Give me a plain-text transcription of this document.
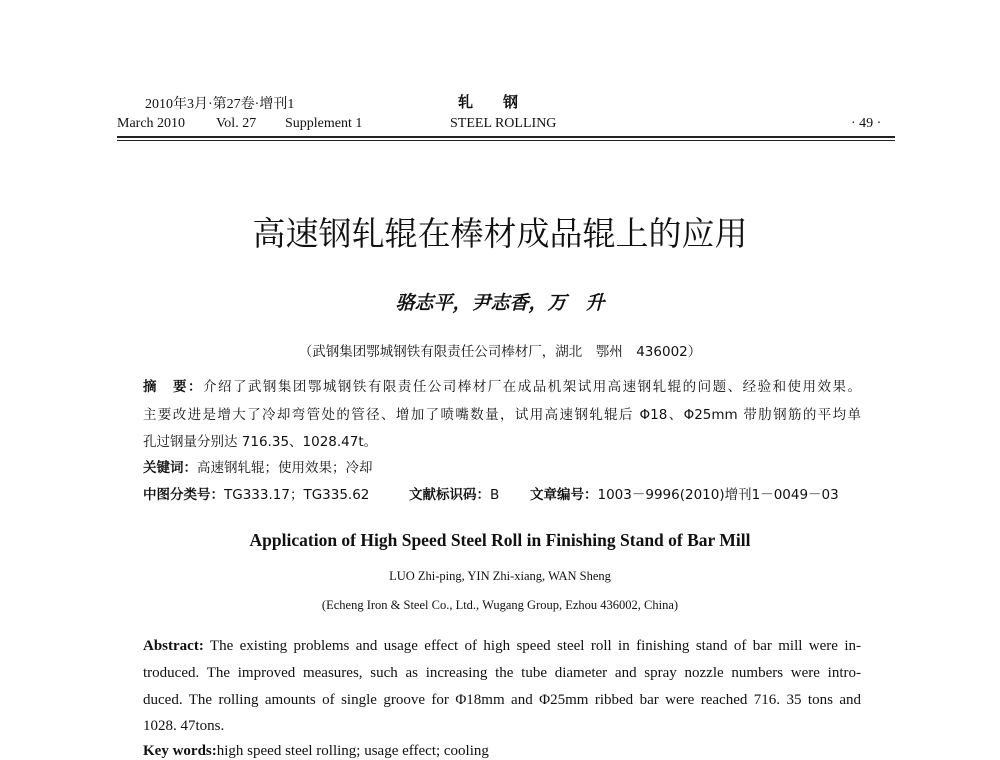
2010年3月·第27卷·增刊1	轧　　钢
March 2010 Vol. 27 Supplement 1	STEEL ROLLING	· 49 ·
高速钢轧辊在棒材成品辊上的应用
骆志平，尹志香，万　升
（武钢集团鄂城钢铁有限责任公司棒材厂，湖北　鄂州　436002）
摘　要：介绍了武钢集团鄂城钢铁有限责任公司棒材厂在成品机架试用高速钢轧辊的问题、经验和使用效果。
主要改进是增大了冷却弯管处的管径、增加了喷嘴数量，试用高速钢轧辊后 Φ18、Φ25mm 带肋钢筋的平均单
孔过钢量分别达 716.35、1028.47t。
关键词：高速钢轧辊；使用效果；冷却
中图分类号：TG333.17；TG335.62	文献标识码：B 文章编号：1003－9996(2010)增刊1－0049－03
Application of High Speed Steel Roll in Finishing Stand of Bar Mill
LUO Zhi-ping, YIN Zhi-xiang, WAN Sheng
(Echeng Iron & Steel Co., Ltd., Wugang Group, Ezhou 436002, China)
Abstract: The existing problems and usage effect of high speed steel roll in finishing stand of bar mill were in-
troduced. The improved measures, such as increasing the tube diameter and spray nozzle numbers were intro-
duced. The rolling amounts of single groove for Φ18mm and Φ25mm ribbed bar were reached 716. 35 tons and
1028. 47tons.
Key words:high speed steel rolling; usage effect; cooling
